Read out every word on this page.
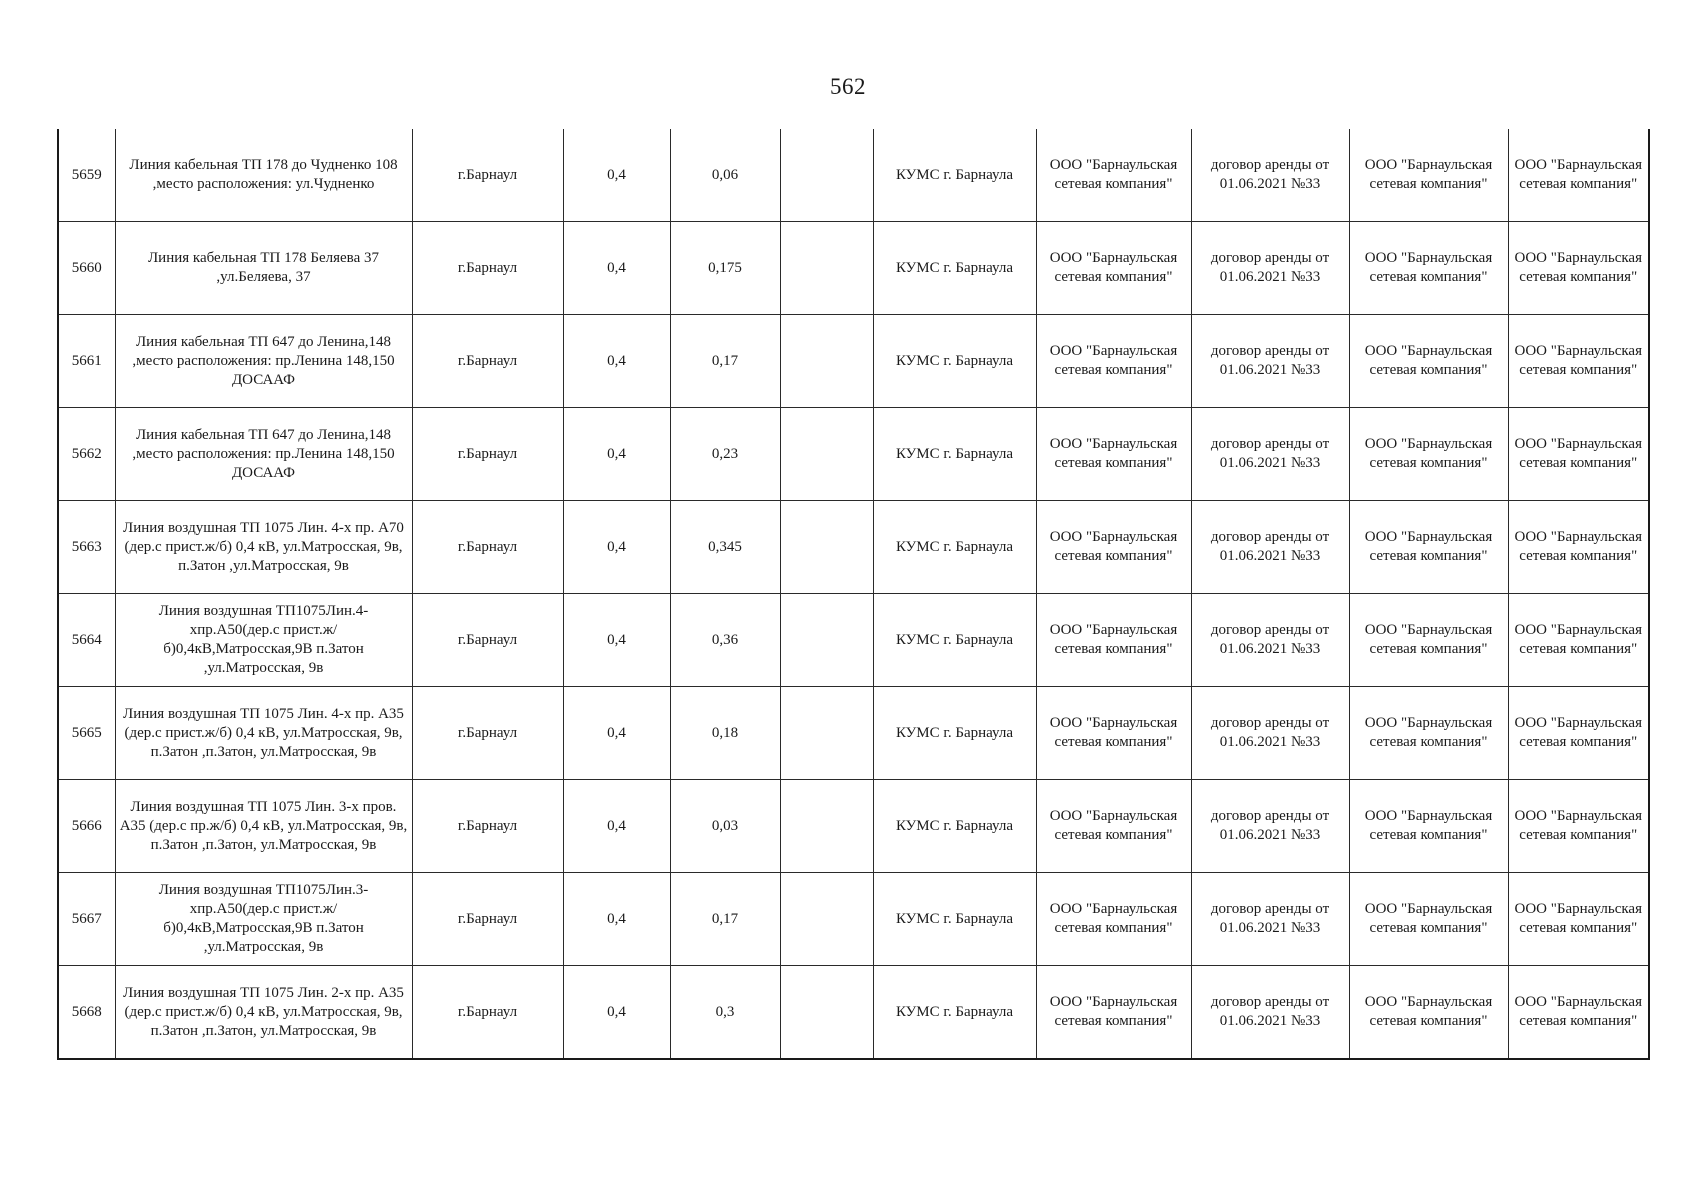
562
5659	Линия кабельная ТП 178 до Чудненко 108 ,место расположения: ул.Чудненко	г.Барнаул	0,4	0,06		КУМС г. Барнаула	ООО "Барнаульская сетевая компания"	договор аренды от 01.06.2021 №33	ООО "Барнаульская сетевая компания"	ООО "Барнаульская сетевая компания"
5660	Линия кабельная ТП 178 Беляева 37 ,ул.Беляева, 37	г.Барнаул	0,4	0,175		КУМС г. Барнаула	ООО "Барнаульская сетевая компания"	договор аренды от 01.06.2021 №33	ООО "Барнаульская сетевая компания"	ООО "Барнаульская сетевая компания"
5661	Линия кабельная ТП 647 до Ленина,148 ,место расположения: пр.Ленина 148,150 ДОСААФ	г.Барнаул	0,4	0,17		КУМС г. Барнаула	ООО "Барнаульская сетевая компания"	договор аренды от 01.06.2021 №33	ООО "Барнаульская сетевая компания"	ООО "Барнаульская сетевая компания"
5662	Линия кабельная ТП 647 до Ленина,148 ,место расположения: пр.Ленина 148,150 ДОСААФ	г.Барнаул	0,4	0,23		КУМС г. Барнаула	ООО "Барнаульская сетевая компания"	договор аренды от 01.06.2021 №33	ООО "Барнаульская сетевая компания"	ООО "Барнаульская сетевая компания"
5663	Линия воздушная ТП 1075 Лин. 4-х пр. А70 (дер.с прист.ж/б) 0,4 кВ, ул.Матросская, 9в, п.Затон ,ул.Матросская, 9в	г.Барнаул	0,4	0,345		КУМС г. Барнаула	ООО "Барнаульская сетевая компания"	договор аренды от 01.06.2021 №33	ООО "Барнаульская сетевая компания"	ООО "Барнаульская сетевая компания"
5664	Линия воздушная ТП1075Лин.4-хпр.А50(дер.с прист.ж/б)0,4кВ,Матросская,9В п.Затон ,ул.Матросская, 9в	г.Барнаул	0,4	0,36		КУМС г. Барнаула	ООО "Барнаульская сетевая компания"	договор аренды от 01.06.2021 №33	ООО "Барнаульская сетевая компания"	ООО "Барнаульская сетевая компания"
5665	Линия воздушная ТП 1075 Лин. 4-х пр. А35 (дер.с прист.ж/б) 0,4 кВ, ул.Матросская, 9в, п.Затон ,п.Затон, ул.Матросская, 9в	г.Барнаул	0,4	0,18		КУМС г. Барнаула	ООО "Барнаульская сетевая компания"	договор аренды от 01.06.2021 №33	ООО "Барнаульская сетевая компания"	ООО "Барнаульская сетевая компания"
5666	Линия воздушная ТП 1075 Лин. 3-х пров. А35 (дер.с пр.ж/б) 0,4 кВ, ул.Матросская, 9в, п.Затон ,п.Затон, ул.Матросская, 9в	г.Барнаул	0,4	0,03		КУМС г. Барнаула	ООО "Барнаульская сетевая компания"	договор аренды от 01.06.2021 №33	ООО "Барнаульская сетевая компания"	ООО "Барнаульская сетевая компания"
5667	Линия воздушная ТП1075Лин.3-хпр.А50(дер.с прист.ж/б)0,4кВ,Матросская,9В п.Затон ,ул.Матросская, 9в	г.Барнаул	0,4	0,17		КУМС г. Барнаула	ООО "Барнаульская сетевая компания"	договор аренды от 01.06.2021 №33	ООО "Барнаульская сетевая компания"	ООО "Барнаульская сетевая компания"
5668	Линия воздушная ТП 1075 Лин. 2-х пр. А35 (дер.с прист.ж/б) 0,4 кВ, ул.Матросская, 9в, п.Затон ,п.Затон, ул.Матросская, 9в	г.Барнаул	0,4	0,3		КУМС г. Барнаула	ООО "Барнаульская сетевая компания"	договор аренды от 01.06.2021 №33	ООО "Барнаульская сетевая компания"	ООО "Барнаульская сетевая компания"
